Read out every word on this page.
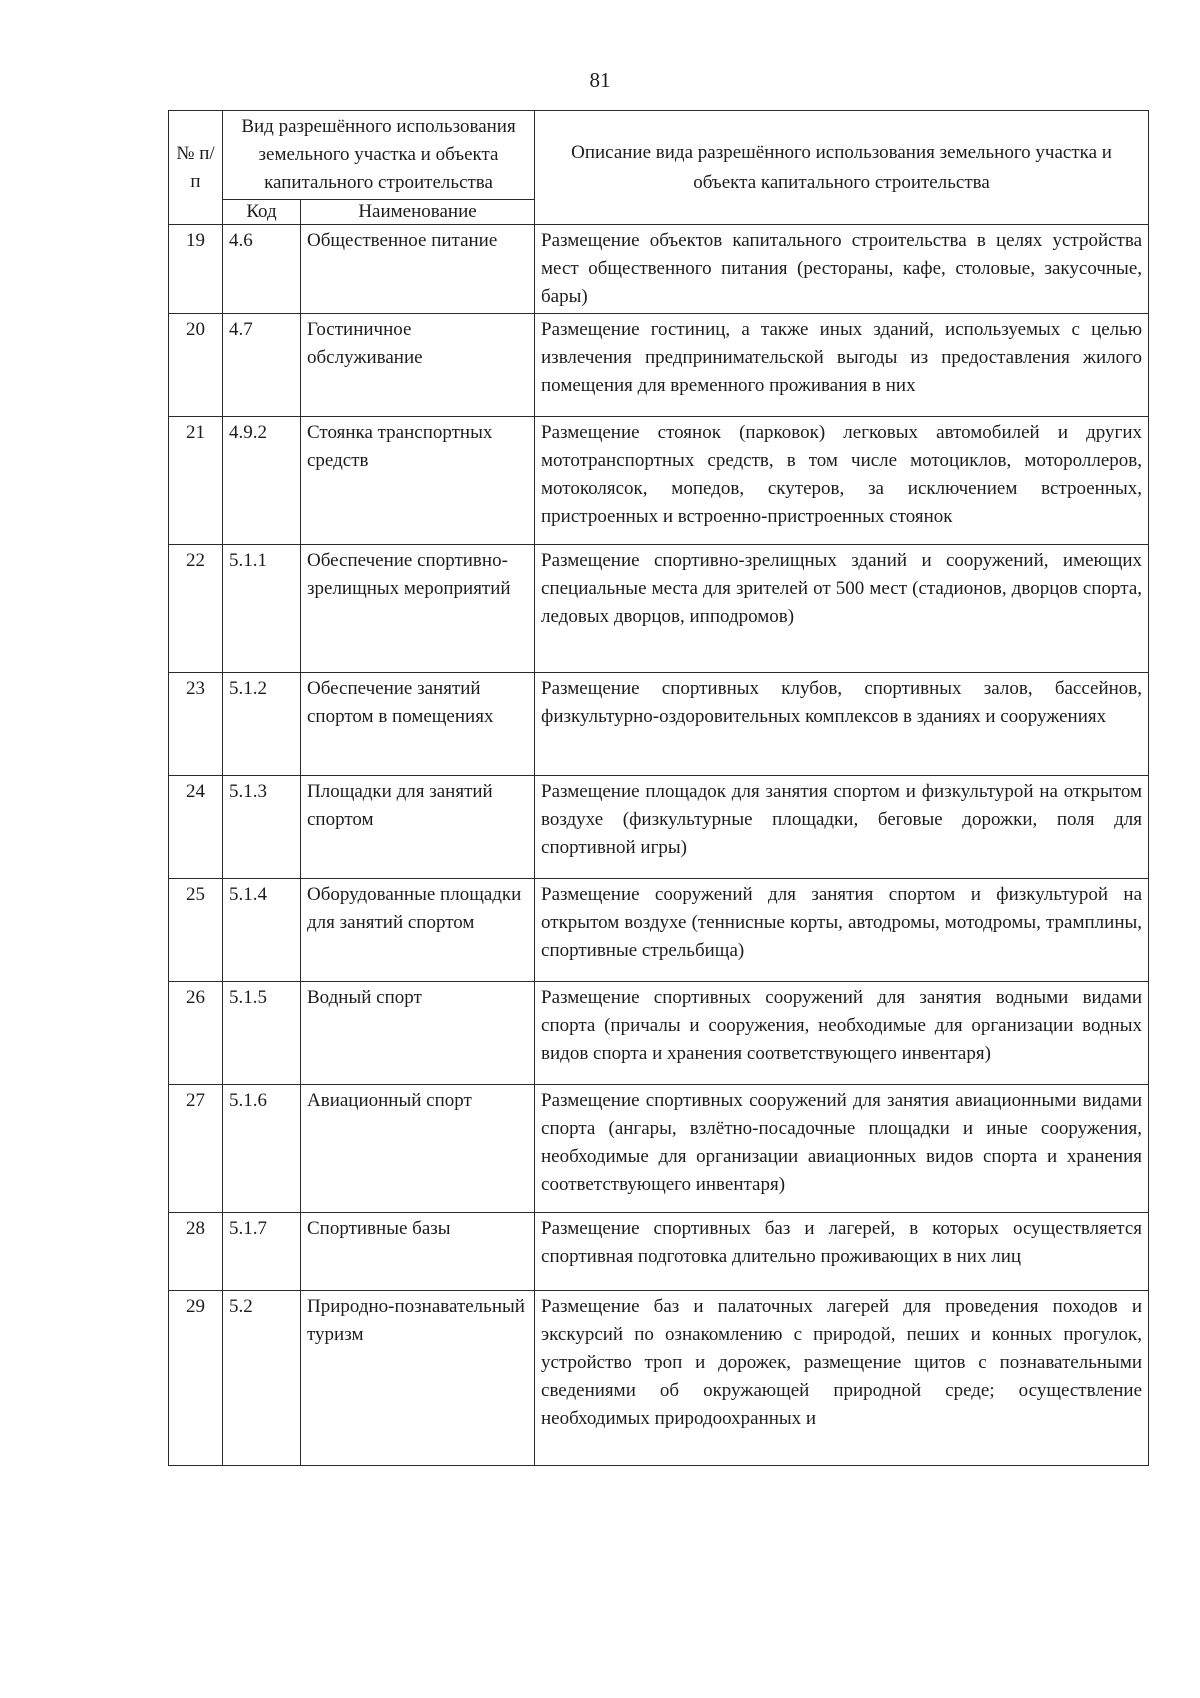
81
№ п/п	Вид разрешённого использования земельного участка и объекта капитального строительства		Описание вида разрешённого использования земельного участка и объекта капитального строительства
	Код	Наименование	
19	4.6	Общественное питание	Размещение объектов капитального строительства в целях устройства мест общественного питания (рестораны, кафе, столовые, закусочные, бары)
20	4.7	Гостиничное обслуживание	Размещение гостиниц, а также иных зданий, используемых с целью извлечения предпринимательской выгоды из предоставления жилого помещения для временного проживания в них
21	4.9.2	Стоянка транспортных средств	Размещение стоянок (парковок) легковых автомобилей и других мототранспортных средств, в том числе мотоциклов, мотороллеров, мотоколясок, мопедов, скутеров, за исключением встроенных, пристроенных и встроенно-пристроенных стоянок
22	5.1.1	Обеспечение спортивно-зрелищных мероприятий	Размещение спортивно-зрелищных зданий и сооружений, имеющих специальные места для зрителей от 500 мест (стадионов, дворцов спорта, ледовых дворцов, ипподромов)
23	5.1.2	Обеспечение занятий спортом в помещениях	Размещение спортивных клубов, спортивных залов, бассейнов, физкультурно-оздоровительных комплексов в зданиях и сооружениях
24	5.1.3	Площадки для занятий спортом	Размещение площадок для занятия спортом и физкультурой на открытом воздухе (физкультурные площадки, беговые дорожки, поля для спортивной игры)
25	5.1.4	Оборудованные площадки для занятий спортом	Размещение сооружений для занятия спортом и физкультурой на открытом воздухе (теннисные корты, автодромы, мотодромы, трамплины, спортивные стрельбища)
26	5.1.5	Водный спорт	Размещение спортивных сооружений для занятия водными видами спорта (причалы и сооружения, необходимые для организации водных видов спорта и хранения соответствующего инвентаря)
27	5.1.6	Авиационный спорт	Размещение спортивных сооружений для занятия авиационными видами спорта (ангары, взлётно-посадочные площадки и иные сооружения, необходимые для организации авиационных видов спорта и хранения соответствующего инвентаря)
28	5.1.7	Спортивные базы	Размещение спортивных баз и лагерей, в которых осуществляется спортивная подготовка длительно проживающих в них лиц
29	5.2	Природно-познавательный туризм	Размещение баз и палаточных лагерей для проведения походов и экскурсий по ознакомлению с природой, пеших и конных прогулок, устройство троп и дорожек, размещение щитов с познавательными сведениями об окружающей природной среде; осуществление необходимых природоохранных и
